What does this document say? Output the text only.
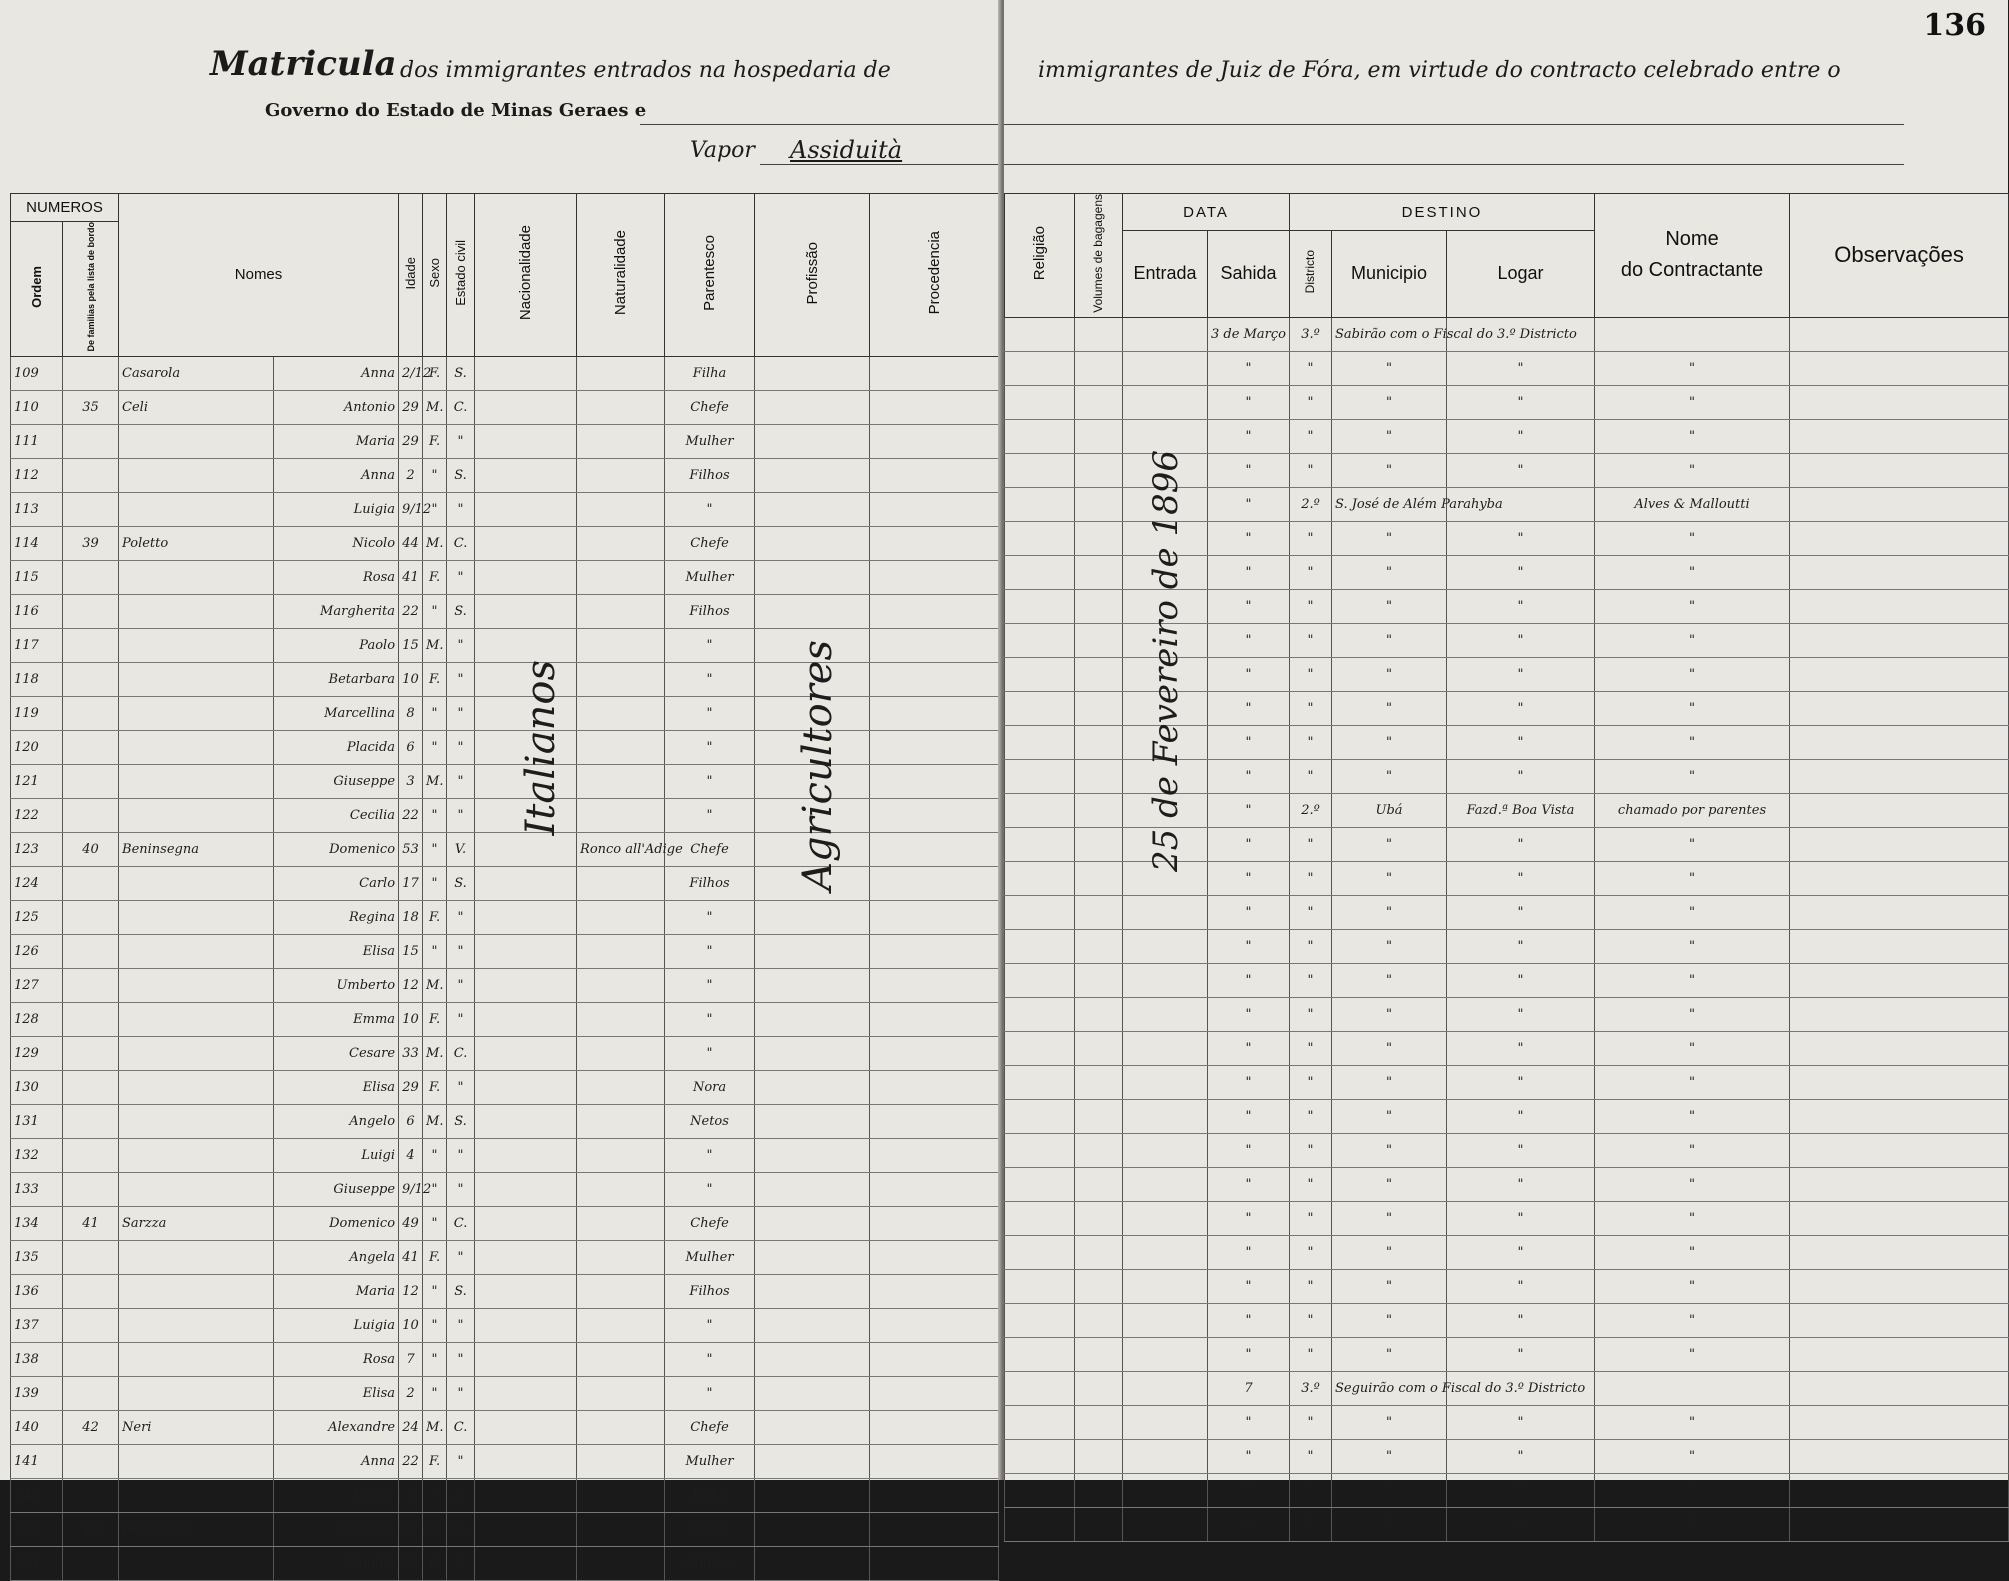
Matricula dos immigrantes entrados na hospedaria de
Governo do Estado de Minas Geraes e
Vapor Assiduità
NUMEROS		Nomes		Idade	Sexo	Estado civil	Nacionalidade	Naturalidade	Parentesco	Profissão	Procedencia
Ordem	De familias pela lista de bordo										
109		Casarola	Anna	2/12	F.	S.			Filha		
110	35	Celi	Antonio	29	M.	C.			Chefe		
111			Maria	29	F.	"			Mulher		
112			Anna	2	"	S.			Filhos		
113			Luigia	9/12	"	"			"		
114	39	Poletto	Nicolo	44	M.	C.			Chefe		
115			Rosa	41	F.	"			Mulher		
116			Margherita	22	"	S.			Filhos		
117			Paolo	15	M.	"			"		
118			Betarbara	10	F.	"			"		
119			Marcellina	8	"	"			"		
120			Placida	6	"	"			"		
121			Giuseppe	3	M.	"			"		
122			Cecilia	22	"	"			"		
123	40	Beninsegna	Domenico	53	"	V.		Ronco all'Adige	Chefe		
124			Carlo	17	"	S.			Filhos		
125			Regina	18	F.	"			"		
126			Elisa	15	"	"			"		
127			Umberto	12	M.	"			"		
128			Emma	10	F.	"			"		
129			Cesare	33	M.	C.			"		
130			Elisa	29	F.	"			Nora		
131			Angelo	6	M.	S.			Netos		
132			Luigi	4	"	"			"		
133			Giuseppe	9/12	"	"			"		
134	41	Sarzza	Domenico	49	"	C.			Chefe		
135			Angela	41	F.	"			Mulher		
136			Maria	12	"	S.			Filhos		
137			Luigia	10	"	"			"		
138			Rosa	7	"	"			"		
139			Elisa	2	"	"			"		
140	42	Neri	Alexandre	24	M.	C.			Chefe		
141			Anna	22	F.	"			Mulher		
142			Emma	1	"	S.			Filha		
143	43	Bergamini	Giovanni	38	M.	C.			Chefe		
144			Camilla	36	F.	"			Mulher		
Italianos	Agricultores
136
immigrantes de Juiz de Fóra, em virtude do contracto celebrado entre o
Religião	Volumes de bagagens	DATA		DESTINO			Nome
do Contractante	Observações
		Entrada	Sahida	Districto	Municipio	Logar		
			3 de Março	3.º	Sabirão com o Fiscal do 3.º Districto			
			"	"	"	"	"	
			"	"	"	"	"	
			"	"	"	"	"	
			"	"	"	"	"	
			"	2.º	S. José de Além Parahyba		Alves & Malloutti	
			"	"	"	"	"	
			"	"	"	"	"	
			"	"	"	"	"	
			"	"	"	"	"	
			"	"	"	"	"	
			"	"	"	"	"	
			"	"	"	"	"	
			"	"	"	"	"	
			"	2.º	Ubá	Fazd.ª Boa Vista	chamado por parentes	
			"	"	"	"	"	
			"	"	"	"	"	
			"	"	"	"	"	
			"	"	"	"	"	
			"	"	"	"	"	
			"	"	"	"	"	
			"	"	"	"	"	
			"	"	"	"	"	
			"	"	"	"	"	
			"	"	"	"	"	
			"	"	"	"	"	
			"	"	"	"	"	
			"	"	"	"	"	
			"	"	"	"	"	
			"	"	"	"	"	
			"	"	"	"	"	
			7	3.º	Seguirão com o Fiscal do 3.º Districto			
			"	"	"	"	"	
			"	"	"	"	"	
			"	"	"	"	"	
			"	"	"	"	"	
25 de Fevereiro de 1896
